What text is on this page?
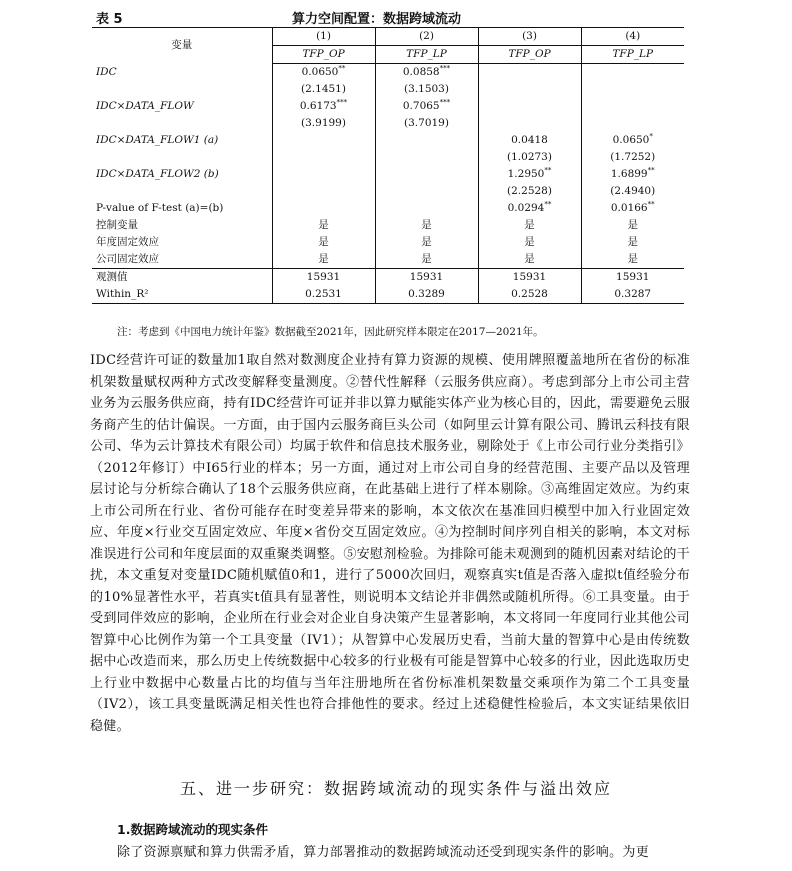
表 5	算力空间配置：数据跨域流动
变量	(1)	(2)	(3)	(4)
	TFP_OP	TFP_LP	TFP_OP	TFP_LP
IDC	0.0650**	0.0858***		
	(2.1451)	(3.1503)		
IDC×DATA_FLOW	0.6173***	0.7065***		
	(3.9199)	(3.7019)		
IDC×DATA_FLOW1 (a)			0.0418	0.0650*
			(1.0273)	(1.7252)
IDC×DATA_FLOW2 (b)			1.2950**	1.6899**
			(2.2528)	(2.4940)
P-value of F-test (a)=(b)			0.0294**	0.0166**
控制变量	是	是	是	是
年度固定效应	是	是	是	是
公司固定效应	是	是	是	是
观测值	15931	15931	15931	15931
Within_R²	0.2531	0.3289	0.2528	0.3287
注：考虑到《中国电力统计年鉴》数据截至2021年，因此研究样本限定在2017—2021年。

IDC经营许可证的数量加1取自然对数测度企业持有算力资源的规模、使用牌照覆盖地所在省份的标准机架数量赋权两种方式改变解释变量测度。②替代性解释（云服务供应商）。考虑到部分上市公司主营业务为云服务供应商，持有IDC经营许可证并非以算力赋能实体产业为核心目的，因此，需要避免云服务商产生的估计偏误。一方面，由于国内云服务商巨头公司（如阿里云计算有限公司、腾讯云科技有限公司、华为云计算技术有限公司）均属于软件和信息技术服务业，剔除处于《上市公司行业分类指引》（2012年修订）中I65行业的样本；另一方面，通过对上市公司自身的经营范围、主要产品以及管理层讨论与分析综合确认了18个云服务供应商，在此基础上进行了样本剔除。③高维固定效应。为约束上市公司所在行业、省份可能存在时变差异带来的影响，本文依次在基准回归模型中加入行业固定效应、年度×行业交互固定效应、年度×省份交互固定效应。④为控制时间序列自相关的影响，本文对标准误进行公司和年度层面的双重聚类调整。⑤安慰剂检验。为排除可能未观测到的随机因素对结论的干扰，本文重复对变量IDC随机赋值0和1，进行了5000次回归，观察真实t值是否落入虚拟t值经验分布的10%显著性水平，若真实t值具有显著性，则说明本文结论并非偶然或随机所得。⑥工具变量。由于受到同伴效应的影响，企业所在行业会对企业自身决策产生显著影响，本文将同一年度同行业其他公司智算中心比例作为第一个工具变量（IV1）；从智算中心发展历史看，当前大量的智算中心是由传统数据中心改造而来，那么历史上传统数据中心较多的行业极有可能是智算中心较多的行业，因此选取历史上行业中数据中心数量占比的均值与当年注册地所在省份标准机架数量交乘项作为第二个工具变量（IV2），该工具变量既满足相关性也符合排他性的要求。经过上述稳健性检验后，本文实证结果依旧稳健。

五、进一步研究：数据跨域流动的现实条件与溢出效应
1.数据跨域流动的现实条件
除了资源禀赋和算力供需矛盾，算力部署推动的数据跨域流动还受到现实条件的影响。为更
